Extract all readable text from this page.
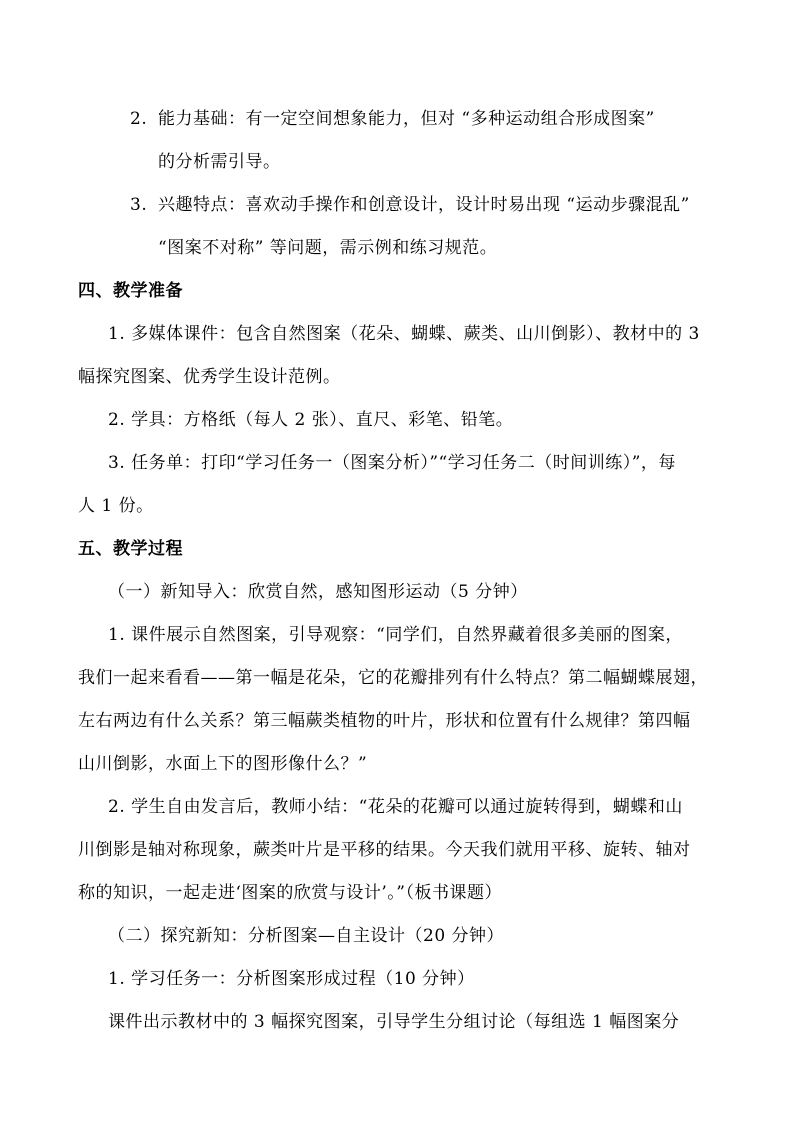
2. 能力基础：有一定空间想象能力，但对 “多种运动组合形成图案”
的分析需引导。
3. 兴趣特点：喜欢动手操作和创意设计，设计时易出现 “运动步骤混乱”
“图案不对称” 等问题，需示例和练习规范。
四、教学准备
1. 多媒体课件：包含自然图案（花朵、蝴蝶、蕨类、山川倒影）、教材中的 3
幅探究图案、优秀学生设计范例。
2. 学具：方格纸（每人 2 张）、直尺、彩笔、铅笔。
3. 任务单：打印“学习任务一（图案分析）”“学习任务二（时间训练）”，每
人 1 份。
五、教学过程
（一）新知导入：欣赏自然，感知图形运动（5 分钟）
1. 课件展示自然图案，引导观察：“同学们，自然界藏着很多美丽的图案，
我们一起来看看——第一幅是花朵，它的花瓣排列有什么特点？第二幅蝴蝶展翅，
左右两边有什么关系？第三幅蕨类植物的叶片，形状和位置有什么规律？第四幅
山川倒影，水面上下的图形像什么？”
2. 学生自由发言后，教师小结：“花朵的花瓣可以通过旋转得到，蝴蝶和山
川倒影是轴对称现象，蕨类叶片是平移的结果。今天我们就用平移、旋转、轴对
称的知识，一起走进‘图案的欣赏与设计’。”（板书课题）
（二）探究新知：分析图案—自主设计（20 分钟）
1. 学习任务一：分析图案形成过程（10 分钟）
课件出示教材中的 3 幅探究图案，引导学生分组讨论（每组选 1 幅图案分
